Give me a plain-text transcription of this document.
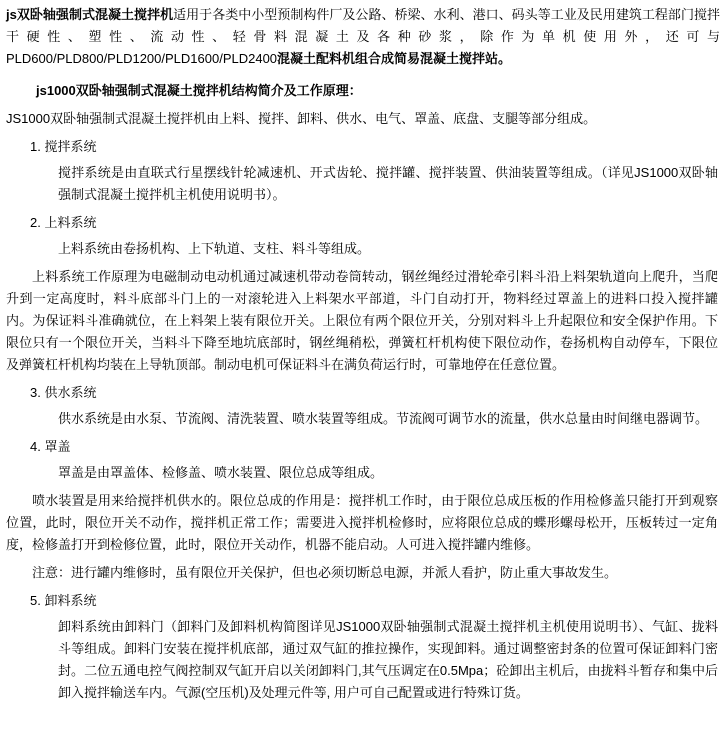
js双卧轴强制式混凝土搅拌机适用于各类中小型预制构件厂及公路、桥梁、水利、港口、码头等工业及民用建筑工程部门搅拌干硬性、塑性、流动性、轻骨料混凝土及各种砂浆，除作为单机使用外，还可与PLD600/PLD800/PLD1200/PLD1600/PLD2400混凝土配料机组合成简易混凝土搅拌站。

js1000双卧轴强制式混凝土搅拌机结构简介及工作原理：

JS1000双卧轴强制式混凝土搅拌机由上料、搅拌、卸料、供水、电气、罩盖、底盘、支腿等部分组成。

1. 搅拌系统

搅拌系统是由直联式行星摆线针轮减速机、开式齿轮、搅拌罐、搅拌装置、供油装置等组成。（详见JS1000双卧轴强制式混凝土搅拌机主机使用说明书）。

2. 上料系统

上料系统由卷扬机构、上下轨道、支柱、料斗等组成。

上料系统工作原理为电磁制动电动机通过减速机带动卷筒转动，钢丝绳经过滑轮牵引料斗沿上料架轨道向上爬升，当爬升到一定高度时，料斗底部斗门上的一对滚轮进入上料架水平部道，斗门自动打开，物料经过罩盖上的进料口投入搅拌罐内。为保证料斗准确就位，在上料架上装有限位开关。上限位有两个限位开关，分别对料斗上升起限位和安全保护作用。下限位只有一个限位开关，当料斗下降至地坑底部时，钢丝绳稍松，弹簧杠杆机构使下限位动作，卷扬机构自动停车，下限位及弹簧杠杆机构均装在上导轨顶部。制动电机可保证料斗在满负荷运行时，可靠地停在任意位置。

3. 供水系统

供水系统是由水泵、节流阀、清洗装置、喷水装置等组成。节流阀可调节水的流量，供水总量由时间继电器调节。

4. 罩盖

罩盖是由罩盖体、检修盖、喷水装置、限位总成等组成。

喷水装置是用来给搅拌机供水的。限位总成的作用是：搅拌机工作时，由于限位总成压板的作用检修盖只能打开到观察位置，此时，限位开关不动作，搅拌机正常工作；需要进入搅拌机检修时，应将限位总成的蝶形螺母松开，压板转过一定角度，检修盖打开到检修位置，此时，限位开关动作，机器不能启动。人可进入搅拌罐内维修。

注意：进行罐内维修时，虽有限位开关保护，但也必须切断总电源，并派人看护，防止重大事故发生。

5. 卸料系统

卸料系统由卸料门（卸料门及卸料机构简图详见JS1000双卧轴强制式混凝土搅拌机主机使用说明书）、气缸、拢料斗等组成。卸料门安装在搅拌机底部，通过双气缸的推拉操作，实现卸料。通过调整密封条的位置可保证卸料门密封。二位五通电控气阀控制双气缸开启以关闭卸料门,其气压调定在0.5Mpa；砼卸出主机后，由拢料斗暂存和集中后卸入搅拌输送车内。气源(空压机)及处理元件等, 用户可自己配置或进行特殊订货。
